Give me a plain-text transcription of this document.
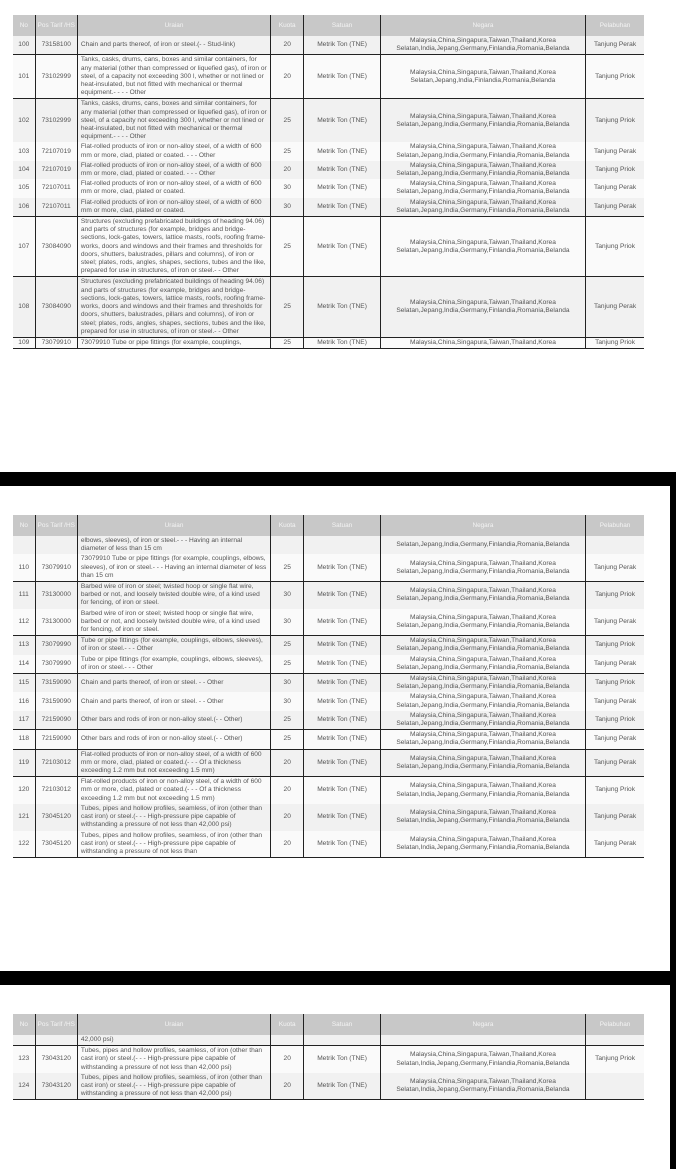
No	Pos Tarif /HS	Uraian	Kuota	Satuan	Negara	Pelabuhan
100	73158100	Chain and parts thereof, of iron or steel.(- - Stud-link)	20	Metrik Ton (TNE)	Malaysia,China,Singapura,Taiwan,Thailand,Korea Selatan,India,Jepang,Germany,Finlandia,Romania,Belanda	Tanjung Perak
101	73102999	Tanks, casks, drums, cans, boxes and similar containers, for any material (other than compressed or liquefied gas), of iron or steel, of a capacity not exceeding 300 l, whether or not lined or heat-insulated, but not fitted with mechanical or thermal equipment.- - - - Other	20	Metrik Ton (TNE)	Malaysia,China,Singapura,Taiwan,Thailand,Korea Selatan,Jepang,India,Finlandia,Romania,Belanda	Tanjung Priok
102	73102999	Tanks, casks, drums, cans, boxes and similar containers, for any material (other than compressed or liquefied gas), of iron or steel, of a capacity not exceeding 300 l, whether or not lined or heat-insulated, but not fitted with mechanical or thermal equipment.- - - - Other	25	Metrik Ton (TNE)	Malaysia,China,Singapura,Taiwan,Thailand,Korea Selatan,Jepang,India,Germany,Finlandia,Romania,Belanda	Tanjung Priok
103	72107019	Flat-rolled products of iron or non-alloy steel, of a width of 600 mm or more, clad, plated or coated. - - - Other	25	Metrik Ton (TNE)	Malaysia,China,Singapura,Taiwan,Thailand,Korea Selatan,Jepang,India,Germany,Finlandia,Romania,Belanda	Tanjung Perak
104	72107019	Flat-rolled products of iron or non-alloy steel, of a width of 600 mm or more, clad, plated or coated. - - - Other	20	Metrik Ton (TNE)	Malaysia,China,Singapura,Taiwan,Thailand,Korea Selatan,Jepang,India,Germany,Finlandia,Romania,Belanda	Tanjung Priok
105	72107011	Flat-rolled products of iron or non-alloy steel, of a width of 600 mm or more, clad, plated or coated.	30	Metrik Ton (TNE)	Malaysia,China,Singapura,Taiwan,Thailand,Korea Selatan,Jepang,India,Germany,Finlandia,Romania,Belanda	Tanjung Perak
106	72107011	Flat-rolled products of iron or non-alloy steel, of a width of 600 mm or more, clad, plated or coated.	30	Metrik Ton (TNE)	Malaysia,China,Singapura,Taiwan,Thailand,Korea Selatan,Jepang,India,Germany,Finlandia,Romania,Belanda	Tanjung Perak
107	73084090	Structures (excluding prefabricated buildings of heading 94.06) and parts of structures (for example, bridges and bridge-sections, lock-gates, towers, lattice masts, roofs, roofing frame-works, doors and windows and their frames and thresholds for doors, shutters, balustrades, pillars and columns), of iron or steel; plates, rods, angles, shapes, sections, tubes and the like, prepared for use in structures, of iron or steel.- - Other	25	Metrik Ton (TNE)	Malaysia,China,Singapura,Taiwan,Thailand,Korea Selatan,Jepang,India,Germany,Finlandia,Romania,Belanda	Tanjung Priok
108	73084090	Structures (excluding prefabricated buildings of heading 94.06) and parts of structures (for example, bridges and bridge-sections, lock-gates, towers, lattice masts, roofs, roofing frame-works, doors and windows and their frames and thresholds for doors, shutters, balustrades, pillars and columns), of iron or steel; plates, rods, angles, shapes, sections, tubes and the like, prepared for use in structures, of iron or steel.- - Other	25	Metrik Ton (TNE)	Malaysia,China,Singapura,Taiwan,Thailand,Korea Selatan,Jepang,India,Germany,Finlandia,Romania,Belanda	Tanjung Perak
109	73079910	73079910 Tube or pipe fittings (for example, couplings,	25	Metrik Ton (TNE)	Malaysia,China,Singapura,Taiwan,Thailand,Korea	Tanjung Priok
No	Pos Tarif /HS	Uraian	Kuota	Satuan	Negara	Pelabuhan
		elbows, sleeves), of iron or steel.- - - Having an internal diameter of less than 15 cm			Selatan,Jepang,India,Germany,Finlandia,Romania,Belanda	
110	73079910	73079910 Tube or pipe fittings (for example, couplings, elbows, sleeves), of iron or steel.- - - Having an internal diameter of less than 15 cm	25	Metrik Ton (TNE)	Malaysia,China,Singapura,Taiwan,Thailand,Korea Selatan,Jepang,India,Germany,Finlandia,Romania,Belanda	Tanjung Perak
111	73130000	Barbed wire of iron or steel; twisted hoop or single flat wire, barbed or not, and loosely twisted double wire, of a kind used for fencing, of iron or steel.	30	Metrik Ton (TNE)	Malaysia,China,Singapura,Taiwan,Thailand,Korea Selatan,Jepang,India,Germany,Finlandia,Romania,Belanda	Tanjung Priok
112	73130000	Barbed wire of iron or steel; twisted hoop or single flat wire, barbed or not, and loosely twisted double wire, of a kind used for fencing, of iron or steel.	30	Metrik Ton (TNE)	Malaysia,China,Singapura,Taiwan,Thailand,Korea Selatan,Jepang,India,Germany,Finlandia,Romania,Belanda	Tanjung Perak
113	73079990	Tube or pipe fittings (for example, couplings, elbows, sleeves), of iron or steel.- - - Other	25	Metrik Ton (TNE)	Malaysia,China,Singapura,Taiwan,Thailand,Korea Selatan,Jepang,India,Germany,Finlandia,Romania,Belanda	Tanjung Priok
114	73079990	Tube or pipe fittings (for example, couplings, elbows, sleeves), of iron or steel.- - - Other	25	Metrik Ton (TNE)	Malaysia,China,Singapura,Taiwan,Thailand,Korea Selatan,Jepang,India,Germany,Finlandia,Romania,Belanda	Tanjung Perak
115	73159090	Chain and parts thereof, of iron or steel. - - Other	30	Metrik Ton (TNE)	Malaysia,China,Singapura,Taiwan,Thailand,Korea Selatan,Jepang,India,Germany,Finlandia,Romania,Belanda	Tanjung Priok
116	73159090	Chain and parts thereof, of iron or steel. - - Other	30	Metrik Ton (TNE)	Malaysia,China,Singapura,Taiwan,Thailand,Korea Selatan,Jepang,India,Germany,Finlandia,Romania,Belanda	Tanjung Perak
117	72159090	Other bars and rods of iron or non-alloy steel.(- - Other)	25	Metrik Ton (TNE)	Malaysia,China,Singapura,Taiwan,Thailand,Korea Selatan,Jepang,India,Germany,Finlandia,Romania,Belanda	Tanjung Priok
118	72159090	Other bars and rods of iron or non-alloy steel.(- - Other)	25	Metrik Ton (TNE)	Malaysia,China,Singapura,Taiwan,Thailand,Korea Selatan,Jepang,India,Germany,Finlandia,Romania,Belanda	Tanjung Perak
119	72103012	Flat-rolled products of iron or non-alloy steel, of a width of 600 mm or more, clad, plated or coated.(- - - Of a thickness exceeding 1.2 mm but not exceeding 1.5 mm)	20	Metrik Ton (TNE)	Malaysia,China,Singapura,Taiwan,Thailand,Korea Selatan,Jepang,India,Germany,Finlandia,Romania,Belanda	Tanjung Perak
120	72103012	Flat-rolled products of iron or non-alloy steel, of a width of 600 mm or more, clad, plated or coated.(- - - Of a thickness exceeding 1.2 mm but not exceeding 1.5 mm)	20	Metrik Ton (TNE)	Malaysia,China,Singapura,Taiwan,Thailand,Korea Selatan,India,Jepang,Germany,Finlandia,Romania,Belanda	Tanjung Priok
121	73045120	Tubes, pipes and hollow profiles, seamless, of iron (other than cast iron) or steel.(- - - High-pressure pipe capable of withstanding a pressure of not less than 42,000 psi)	20	Metrik Ton (TNE)	Malaysia,China,Singapura,Taiwan,Thailand,Korea Selatan,India,Jepang,Germany,Finlandia,Romania,Belanda	Tanjung Perak
122	73045120	Tubes, pipes and hollow profiles, seamless, of iron (other than cast iron) or steel.(- - - High-pressure pipe capable of withstanding a pressure of not less than	20	Metrik Ton (TNE)	Malaysia,China,Singapura,Taiwan,Thailand,Korea Selatan,India,Jepang,Germany,Finlandia,Romania,Belanda	Tanjung Perak
No	Pos Tarif /HS	Uraian	Kuota	Satuan	Negara	Pelabuhan
		42,000 psi)				
123	73043120	Tubes, pipes and hollow profiles, seamless, of iron (other than cast iron) or steel.(- - - High-pressure pipe capable of withstanding a pressure of not less than 42,000 psi)	20	Metrik Ton (TNE)	Malaysia,China,Singapura,Taiwan,Thailand,Korea Selatan,India,Jepang,Germany,Finlandia,Romania,Belanda	Tanjung Priok
124	73043120	Tubes, pipes and hollow profiles, seamless, of iron (other than cast iron) or steel.(- - - High-pressure pipe capable of withstanding a pressure of not less than 42,000 psi)	20	Metrik Ton (TNE)	Malaysia,China,Singapura,Taiwan,Thailand,Korea Selatan,India,Jepang,Germany,Finlandia,Romania,Belanda	
